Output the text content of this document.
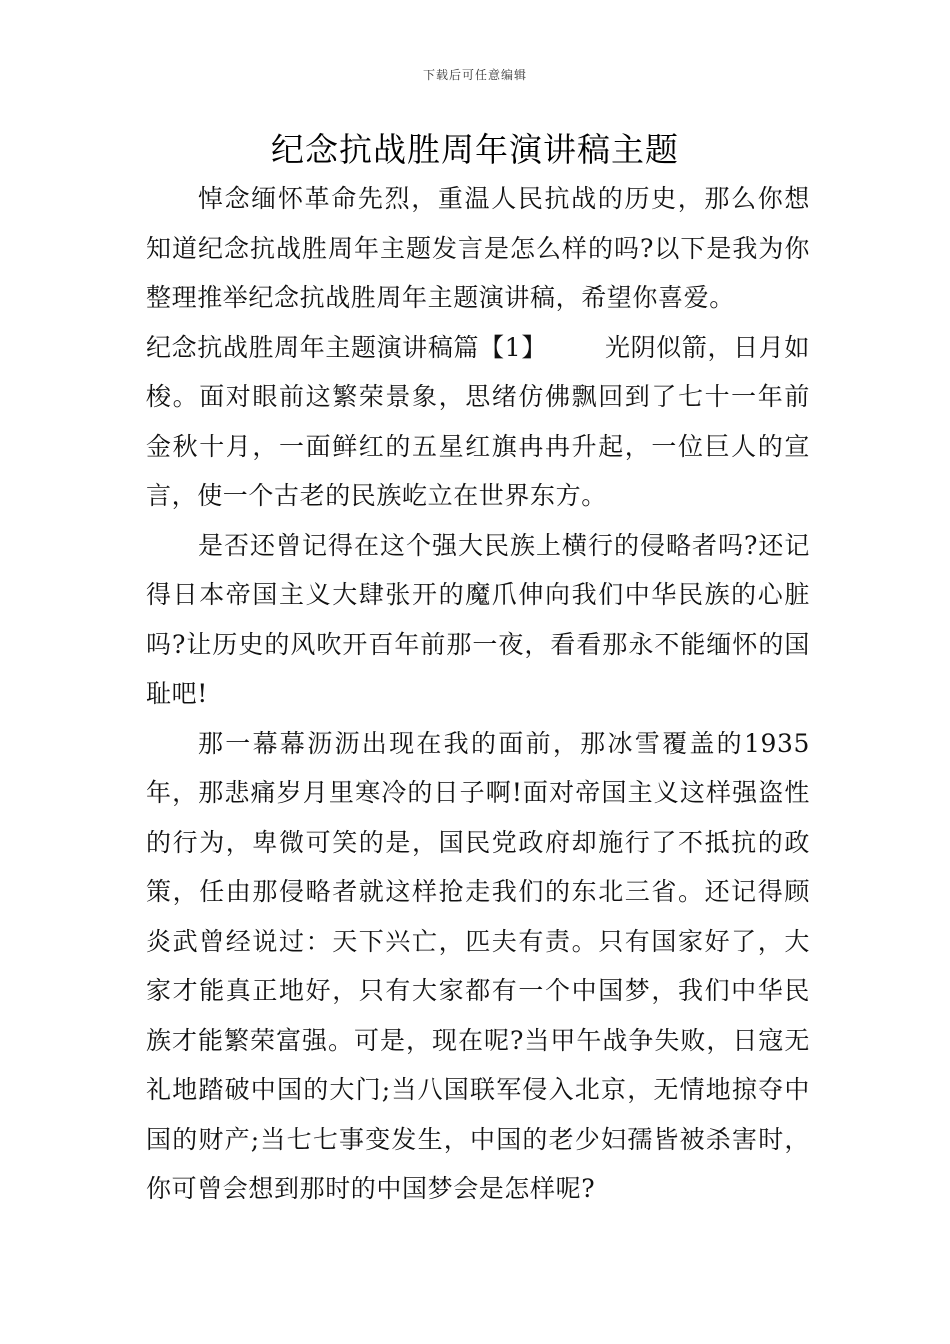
下载后可任意编辑
纪念抗战胜周年演讲稿主题

悼念缅怀革命先烈，重温人民抗战的历史，那么你想知道纪念抗战胜周年主题发言是怎么样的吗?以下是我为你整理推举纪念抗战胜周年主题演讲稿，希望你喜爱。

纪念抗战胜周年主题演讲稿篇【1】 光阴似箭，日月如梭。面对眼前这繁荣景象，思绪仿佛飘回到了七十一年前金秋十月，一面鲜红的五星红旗冉冉升起，一位巨人的宣言，使一个古老的民族屹立在世界东方。

是否还曾记得在这个强大民族上横行的侵略者吗?还记得日本帝国主义大肆张开的魔爪伸向我们中华民族的心脏吗?让历史的风吹开百年前那一夜，看看那永不能缅怀的国耻吧!

那一幕幕沥沥出现在我的面前，那冰雪覆盖的1935年，那悲痛岁月里寒冷的日子啊!面对帝国主义这样强盗性的行为，卑微可笑的是，国民党政府却施行了不抵抗的政策，任由那侵略者就这样抢走我们的东北三省。还记得顾炎武曾经说过：天下兴亡，匹夫有责。只有国家好了，大家才能真正地好，只有大家都有一个中国梦，我们中华民族才能繁荣富强。可是，现在呢?当甲午战争失败，日寇无礼地踏破中国的大门;当八国联军侵入北京，无情地掠夺中国的财产;当七七事变发生，中国的老少妇孺皆被杀害时，你可曾会想到那时的中国梦会是怎样呢?
